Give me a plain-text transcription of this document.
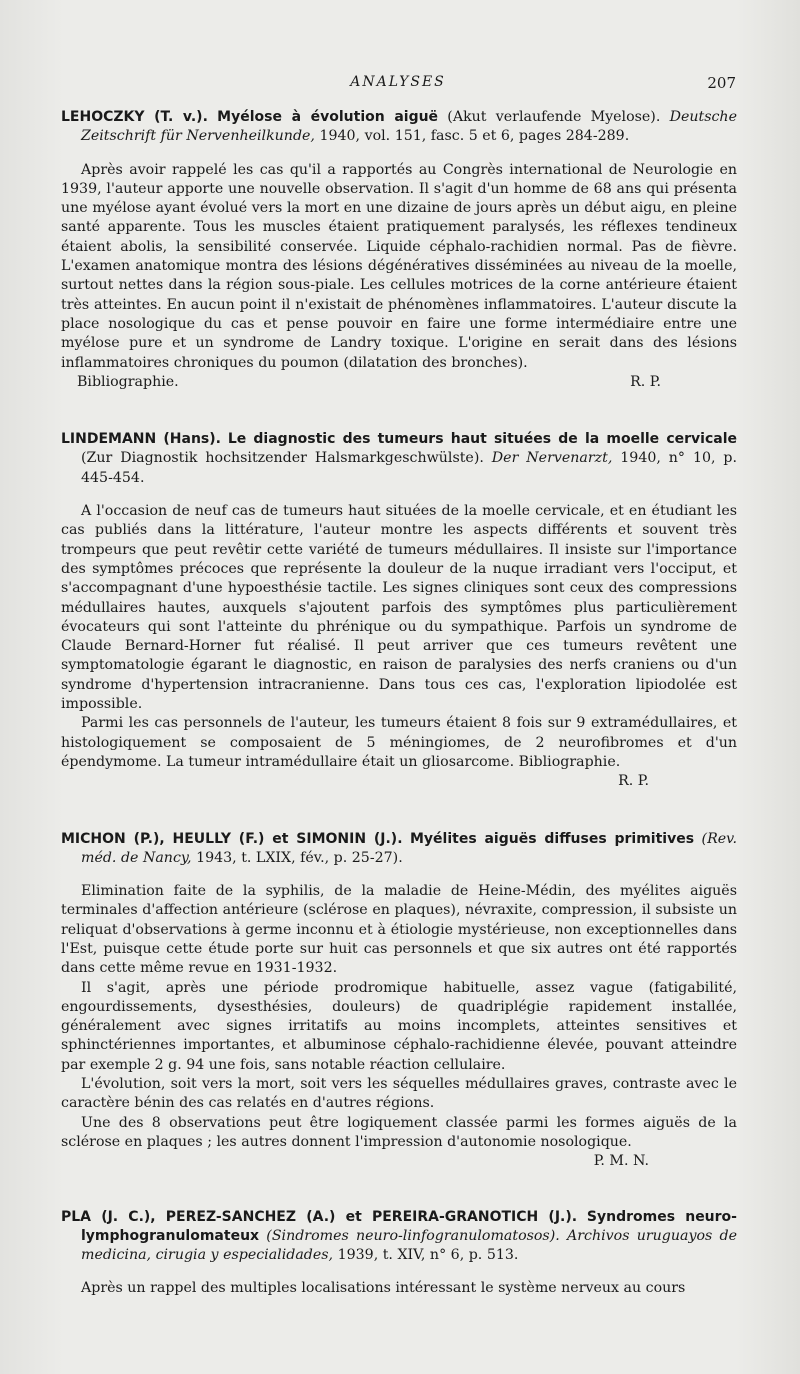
ANALYSES	207

LEHOCZKY (T. v.). Myélose à évolution aiguë (Akut verlaufende Myelose). Deutsche Zeitschrift für Nervenheilkunde, 1940, vol. 151, fasc. 5 et 6, pages 284-289.

Après avoir rappelé les cas qu'il a rapportés au Congrès international de Neurologie en 1939, l'auteur apporte une nouvelle observation. Il s'agit d'un homme de 68 ans qui présenta une myélose ayant évolué vers la mort en une dizaine de jours après un début aigu, en pleine santé apparente. Tous les muscles étaient pratiquement paralysés, les réflexes tendineux étaient abolis, la sensibilité conservée. Liquide céphalo-rachidien normal. Pas de fièvre. L'examen anatomique montra des lésions dégénératives disséminées au niveau de la moelle, surtout nettes dans la région sous-piale. Les cellules motrices de la corne antérieure étaient très atteintes. En aucun point il n'existait de phénomènes inflammatoires. L'auteur discute la place nosologique du cas et pense pouvoir en faire une forme intermédiaire entre une myélose pure et un syndrome de Landry toxique. L'origine en serait dans des lésions inflammatoires chroniques du poumon (dilatation des bronches).

Bibliographie.	R. P.

LINDEMANN (Hans). Le diagnostic des tumeurs haut situées de la moelle cervicale (Zur Diagnostik hochsitzender Halsmarkgeschwülste). Der Nervenarzt, 1940, n° 10, p. 445-454.

A l'occasion de neuf cas de tumeurs haut situées de la moelle cervicale, et en étudiant les cas publiés dans la littérature, l'auteur montre les aspects différents et souvent très trompeurs que peut revêtir cette variété de tumeurs médullaires. Il insiste sur l'importance des symptômes précoces que représente la douleur de la nuque irradiant vers l'occiput, et s'accompagnant d'une hypoesthésie tactile. Les signes cliniques sont ceux des compressions médullaires hautes, auxquels s'ajoutent parfois des symptômes plus particulièrement évocateurs qui sont l'atteinte du phrénique ou du sympathique. Parfois un syndrome de Claude Bernard-Horner fut réalisé. Il peut arriver que ces tumeurs revêtent une symptomatologie égarant le diagnostic, en raison de paralysies des nerfs craniens ou d'un syndrome d'hypertension intracranienne. Dans tous ces cas, l'exploration lipiodolée est impossible.

Parmi les cas personnels de l'auteur, les tumeurs étaient 8 fois sur 9 extramédullaires, et histologiquement se composaient de 5 méningiomes, de 2 neurofibromes et d'un épendymome. La tumeur intramédullaire était un gliosarcome. Bibliographie.

R. P.

MICHON (P.), HEULLY (F.) et SIMONIN (J.). Myélites aiguës diffuses primitives (Rev. méd. de Nancy, 1943, t. LXIX, fév., p. 25-27).

Elimination faite de la syphilis, de la maladie de Heine-Médin, des myélites aiguës terminales d'affection antérieure (sclérose en plaques), névraxite, compression, il subsiste un reliquat d'observations à germe inconnu et à étiologie mystérieuse, non exceptionnelles dans l'Est, puisque cette étude porte sur huit cas personnels et que six autres ont été rapportés dans cette même revue en 1931-1932.

Il s'agit, après une période prodromique habituelle, assez vague (fatigabilité, engourdissements, dysesthésies, douleurs) de quadriplégie rapidement installée, généralement avec signes irritatifs au moins incomplets, atteintes sensitives et sphinctériennes importantes, et albuminose céphalo-rachidienne élevée, pouvant atteindre par exemple 2 g. 94 une fois, sans notable réaction cellulaire.

L'évolution, soit vers la mort, soit vers les séquelles médullaires graves, contraste avec le caractère bénin des cas relatés en d'autres régions.

Une des 8 observations peut être logiquement classée parmi les formes aiguës de la sclérose en plaques ; les autres donnent l'impression d'autonomie nosologique.

P. M. N.

PLA (J. C.), PEREZ-SANCHEZ (A.) et PEREIRA-GRANOTICH (J.). Syndromes neuro-lymphogranulomateux (Sindromes neuro-linfogranulomatosos). Archivos uruguayos de medicina, cirugia y especialidades, 1939, t. XIV, n° 6, p. 513.

Après un rappel des multiples localisations intéressant le système nerveux au cours
